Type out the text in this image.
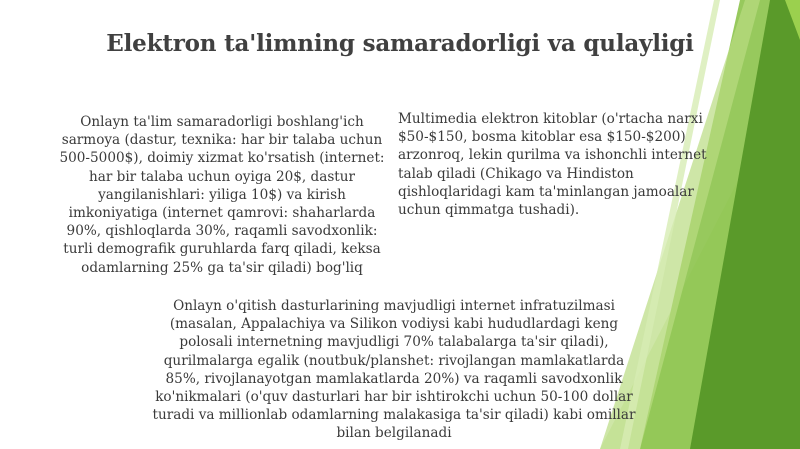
Elektron ta'limning samaradorligi va qulayligi
Onlayn ta'lim samaradorligi boshlang'ich sarmoya (dastur, texnika: har bir talaba uchun 500-5000$), doimiy xizmat ko'rsatish (internet: har bir talaba uchun oyiga 20$, dastur yangilanishlari: yiliga 10$) va kirish imkoniyatiga (internet qamrovi: shaharlarda 90%, qishloqlarda 30%, raqamli savodxonlik: turli demografik guruhlarda farq qiladi, keksa odamlarning 25% ga ta'sir qiladi) bog'liq
Multimedia elektron kitoblar (o'rtacha narxi $50-$150, bosma kitoblar esa $150-$200) arzonroq, lekin qurilma va ishonchli internet talab qiladi (Chikago va Hindiston qishloqlaridagi kam ta'minlangan jamoalar uchun qimmatga tushadi).
Onlayn o'qitish dasturlarining mavjudligi internet infratuzilmasi (masalan, Appalachiya va Silikon vodiysi kabi hududlardagi keng polosali internetning mavjudligi 70% talabalarga ta'sir qiladi), qurilmalarga egalik (noutbuk/planshet: rivojlangan mamlakatlarda 85%, rivojlanayotgan mamlakatlarda 20%) va raqamli savodxonlik ko'nikmalari (o'quv dasturlari har bir ishtirokchi uchun 50-100 dollar turadi va millionlab odamlarning malakasiga ta'sir qiladi) kabi omillar bilan belgilanadi
